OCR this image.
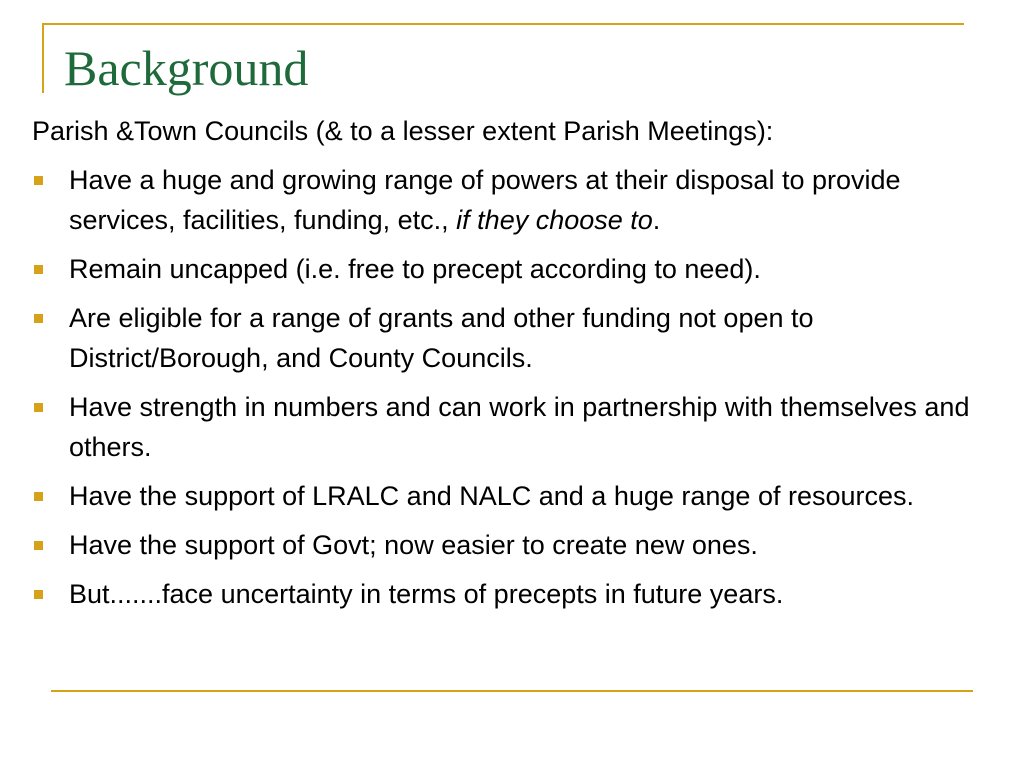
Background

Parish &Town Councils (& to a lesser extent Parish Meetings):

Have a huge and growing range of powers at their disposal to provide services, facilities, funding, etc., if they choose to.
Remain uncapped (i.e. free to precept according to need).
Are eligible for a range of grants and other funding not open to District/Borough, and County Councils.
Have strength in numbers and can work in partnership with themselves and others.
Have the support of LRALC and NALC and a huge range of resources.
Have the support of Govt; now easier to create new ones.
But.......face uncertainty in terms of precepts in future years.
